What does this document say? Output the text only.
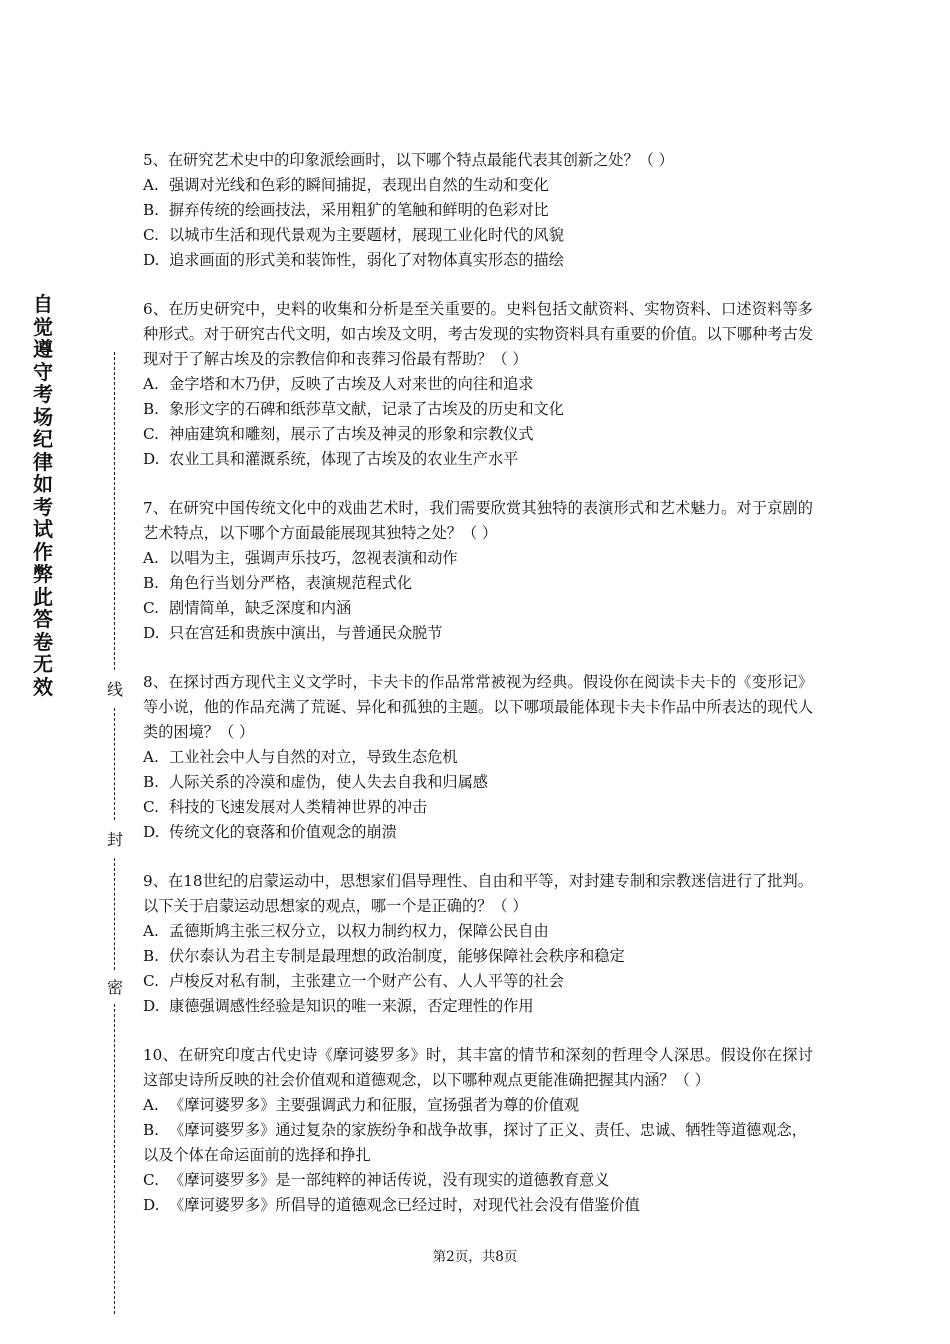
自
觉
遵
守
考
场
纪
律
如
考
试
作
弊
此
答
卷
无
效	线
封
密

5、在研究艺术史中的印象派绘画时，以下哪个特点最能代表其创新之处？（ ）

A. 强调对光线和色彩的瞬间捕捉，表现出自然的生动和变化

B. 摒弃传统的绘画技法，采用粗犷的笔触和鲜明的色彩对比

C. 以城市生活和现代景观为主要题材，展现工业化时代的风貌

D. 追求画面的形式美和装饰性，弱化了对物体真实形态的描绘

6、在历史研究中，史料的收集和分析是至关重要的。史料包括文献资料、实物资料、口述资料等多种形式。对于研究古代文明，如古埃及文明，考古发现的实物资料具有重要的价值。以下哪种考古发现对于了解古埃及的宗教信仰和丧葬习俗最有帮助？（ ）

A. 金字塔和木乃伊，反映了古埃及人对来世的向往和追求

B. 象形文字的石碑和纸莎草文献，记录了古埃及的历史和文化

C. 神庙建筑和雕刻，展示了古埃及神灵的形象和宗教仪式

D. 农业工具和灌溉系统，体现了古埃及的农业生产水平

7、在研究中国传统文化中的戏曲艺术时，我们需要欣赏其独特的表演形式和艺术魅力。对于京剧的艺术特点，以下哪个方面最能展现其独特之处？（ ）

A. 以唱为主，强调声乐技巧，忽视表演和动作

B. 角色行当划分严格，表演规范程式化

C. 剧情简单，缺乏深度和内涵

D. 只在宫廷和贵族中演出，与普通民众脱节

8、在探讨西方现代主义文学时，卡夫卡的作品常常被视为经典。假设你在阅读卡夫卡的《变形记》等小说，他的作品充满了荒诞、异化和孤独的主题。以下哪项最能体现卡夫卡作品中所表达的现代人类的困境？（ ）

A. 工业社会中人与自然的对立，导致生态危机

B. 人际关系的冷漠和虚伪，使人失去自我和归属感

C. 科技的飞速发展对人类精神世界的冲击

D. 传统文化的衰落和价值观念的崩溃

9、在18世纪的启蒙运动中，思想家们倡导理性、自由和平等，对封建专制和宗教迷信进行了批判。以下关于启蒙运动思想家的观点，哪一个是正确的？（ ）

A. 孟德斯鸠主张三权分立，以权力制约权力，保障公民自由

B. 伏尔泰认为君主专制是最理想的政治制度，能够保障社会秩序和稳定

C. 卢梭反对私有制，主张建立一个财产公有、人人平等的社会

D. 康德强调感性经验是知识的唯一来源，否定理性的作用

10、在研究印度古代史诗《摩诃婆罗多》时，其丰富的情节和深刻的哲理令人深思。假设你在探讨这部史诗所反映的社会价值观和道德观念，以下哪种观点更能准确把握其内涵？（ ）

A. 《摩诃婆罗多》主要强调武力和征服，宣扬强者为尊的价值观

B. 《摩诃婆罗多》通过复杂的家族纷争和战争故事，探讨了正义、责任、忠诚、牺牲等道德观念，以及个体在命运面前的选择和挣扎

C. 《摩诃婆罗多》是一部纯粹的神话传说，没有现实的道德教育意义

D. 《摩诃婆罗多》所倡导的道德观念已经过时，对现代社会没有借鉴价值

第2页，共8页
